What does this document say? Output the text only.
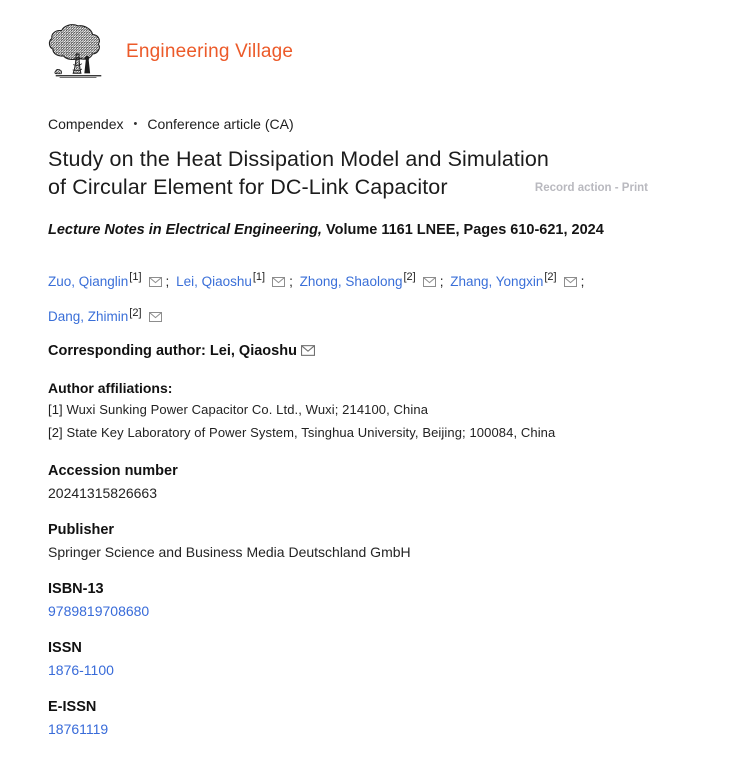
Engineering Village
Compendex • Conference article (CA)
Study on the Heat Dissipation Model and Simulation of Circular Element for DC-Link Capacitor	Record action - Print

Lecture Notes in Electrical Engineering, Volume 1161 LNEE, Pages 610-621, 2024

Zuo, Qianglin[1] ; Lei, Qiaoshu[1] ; Zhong, Shaolong[2] ; Zhang, Yongxin[2] ; Dang, Zhimin[2]

Corresponding author: Lei, Qiaoshu

Author affiliations:
[1] Wuxi Sunking Power Capacitor Co. Ltd., Wuxi; 214100, China
[2] State Key Laboratory of Power System, Tsinghua University, Beijing; 100084, China
Accession number
20241315826663
Publisher
Springer Science and Business Media Deutschland GmbH
ISBN-13
9789819708680
ISSN
1876-1100
E-ISSN
18761119
